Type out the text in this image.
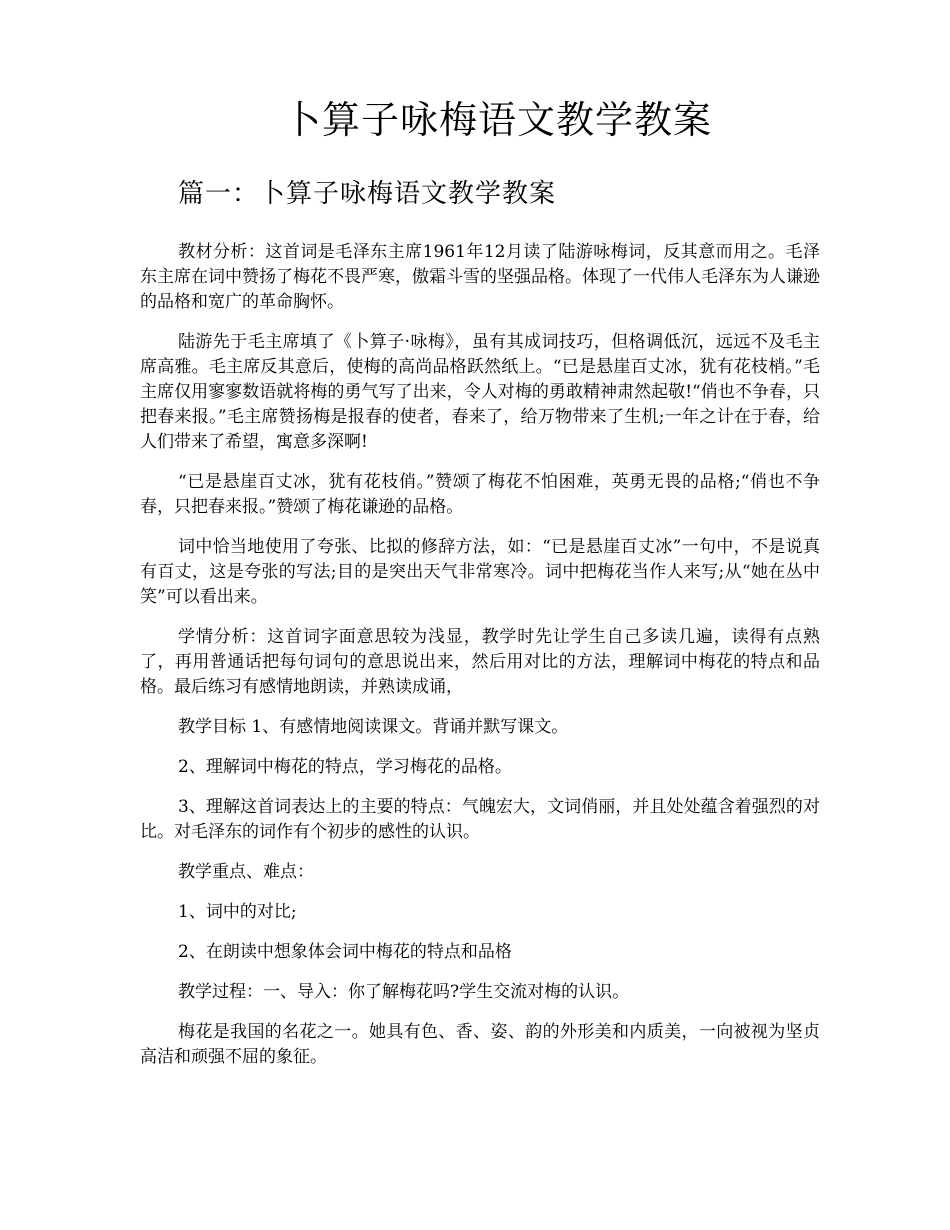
卜算子咏梅语文教学教案
篇一：卜算子咏梅语文教学教案

教材分析：这首词是毛泽东主席1961年12月读了陆游咏梅词，反其意而用之。毛泽东主席在词中赞扬了梅花不畏严寒，傲霜斗雪的坚强品格。体现了一代伟人毛泽东为人谦逊的品格和宽广的革命胸怀。

陆游先于毛主席填了《卜算子·咏梅》，虽有其成词技巧，但格调低沉，远远不及毛主席高雅。毛主席反其意后，使梅的高尚品格跃然纸上。“已是悬崖百丈冰，犹有花枝梢。”毛主席仅用寥寥数语就将梅的勇气写了出来，令人对梅的勇敢精神肃然起敬!“俏也不争春，只把春来报。”毛主席赞扬梅是报春的使者，春来了，给万物带来了生机;一年之计在于春，给人们带来了希望，寓意多深啊!

“已是悬崖百丈冰，犹有花枝俏。”赞颂了梅花不怕困难，英勇无畏的品格;“俏也不争春，只把春来报。”赞颂了梅花谦逊的品格。

词中恰当地使用了夸张、比拟的修辞方法，如：“已是悬崖百丈冰”一句中，不是说真有百丈，这是夸张的写法;目的是突出天气非常寒冷。词中把梅花当作人来写;从“她在丛中笑”可以看出来。

学情分析：这首词字面意思较为浅显，教学时先让学生自己多读几遍，读得有点熟了，再用普通话把每句词句的意思说出来，然后用对比的方法，理解词中梅花的特点和品格。最后练习有感情地朗读，并熟读成诵，

教学目标 1、有感情地阅读课文。背诵并默写课文。

2、理解词中梅花的特点，学习梅花的品格。

3、理解这首词表达上的主要的特点：气魄宏大，文词俏丽，并且处处蕴含着强烈的对比。对毛泽东的词作有个初步的感性的认识。

教学重点、难点：

1、词中的对比;

2、在朗读中想象体会词中梅花的特点和品格

教学过程：一、导入：你了解梅花吗?学生交流对梅的认识。

梅花是我国的名花之一。她具有色、香、姿、韵的外形美和内质美，一向被视为坚贞高洁和顽强不屈的象征。
